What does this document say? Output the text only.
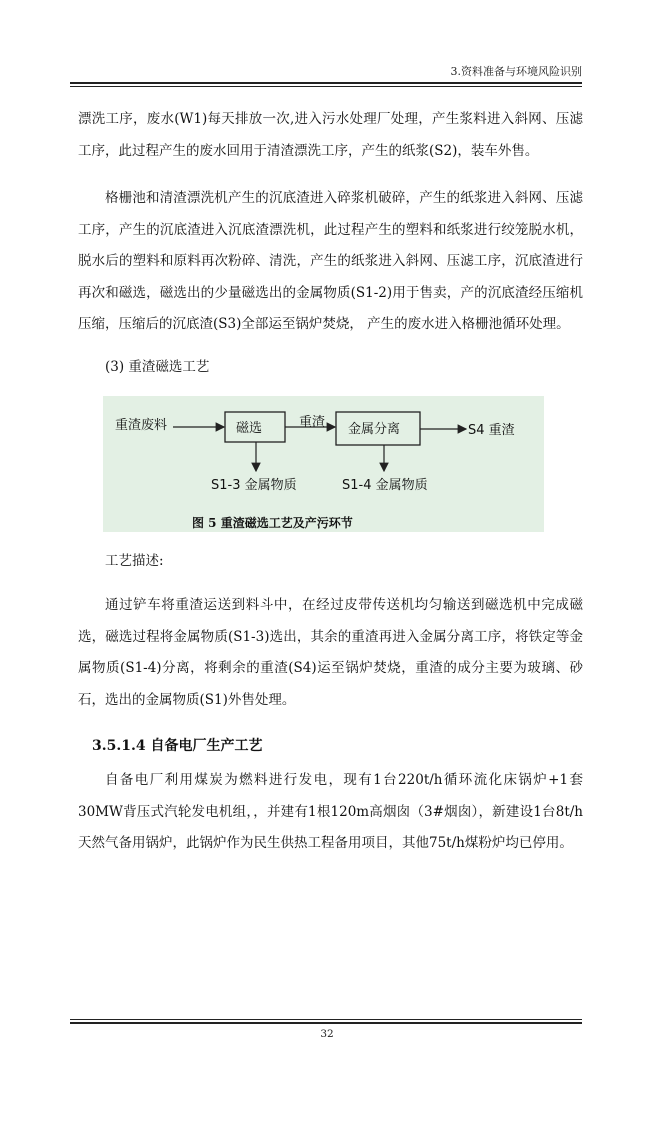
3.资料准备与环境风险识别

漂洗工序，废水(W1)每天排放一次,进入污水处理厂处理，产生浆料进入斜网、压滤工序，此过程产生的废水回用于清渣漂洗工序，产生的纸浆(S2)，装车外售。

格栅池和清渣漂洗机产生的沉底渣进入碎浆机破碎，产生的纸浆进入斜网、压滤工序，产生的沉底渣进入沉底渣漂洗机，此过程产生的塑料和纸浆进行绞笼脱水机，脱水后的塑料和原料再次粉碎、清洗，产生的纸浆进入斜网、压滤工序，沉底渣进行再次和磁选，磁选出的少量磁选出的金属物质(S1-2)用于售卖，产的沉底渣经压缩机压缩，压缩后的沉底渣(S3)全部运至锅炉焚烧， 产生的废水进入格栅池循环处理。

(3) 重渣磁选工艺
重渣废料	磁选	重渣 金属分离	S4 重渣
S1-3 金属物质	S1-4 金属物质
图 5 重渣磁选工艺及产污环节
工艺描述:

通过铲车将重渣运送到料斗中，在经过皮带传送机均匀输送到磁选机中完成磁选，磁选过程将金属物质(S1-3)选出，其余的重渣再进入金属分离工序，将铁定等金属物质(S1-4)分离，将剩余的重渣(S4)运至锅炉焚烧，重渣的成分主要为玻璃、砂石，选出的金属物质(S1)外售处理。

3.5.1.4 自备电厂生产工艺

自备电厂利用煤炭为燃料进行发电，现有1台220t/h循环流化床锅炉+1套30MW背压式汽轮发电机组，，并建有1根120m高烟囱（3#烟囱），新建设1台8t/h天然气备用锅炉，此锅炉作为民生供热工程备用项目，其他75t/h煤粉炉均已停用。

32
